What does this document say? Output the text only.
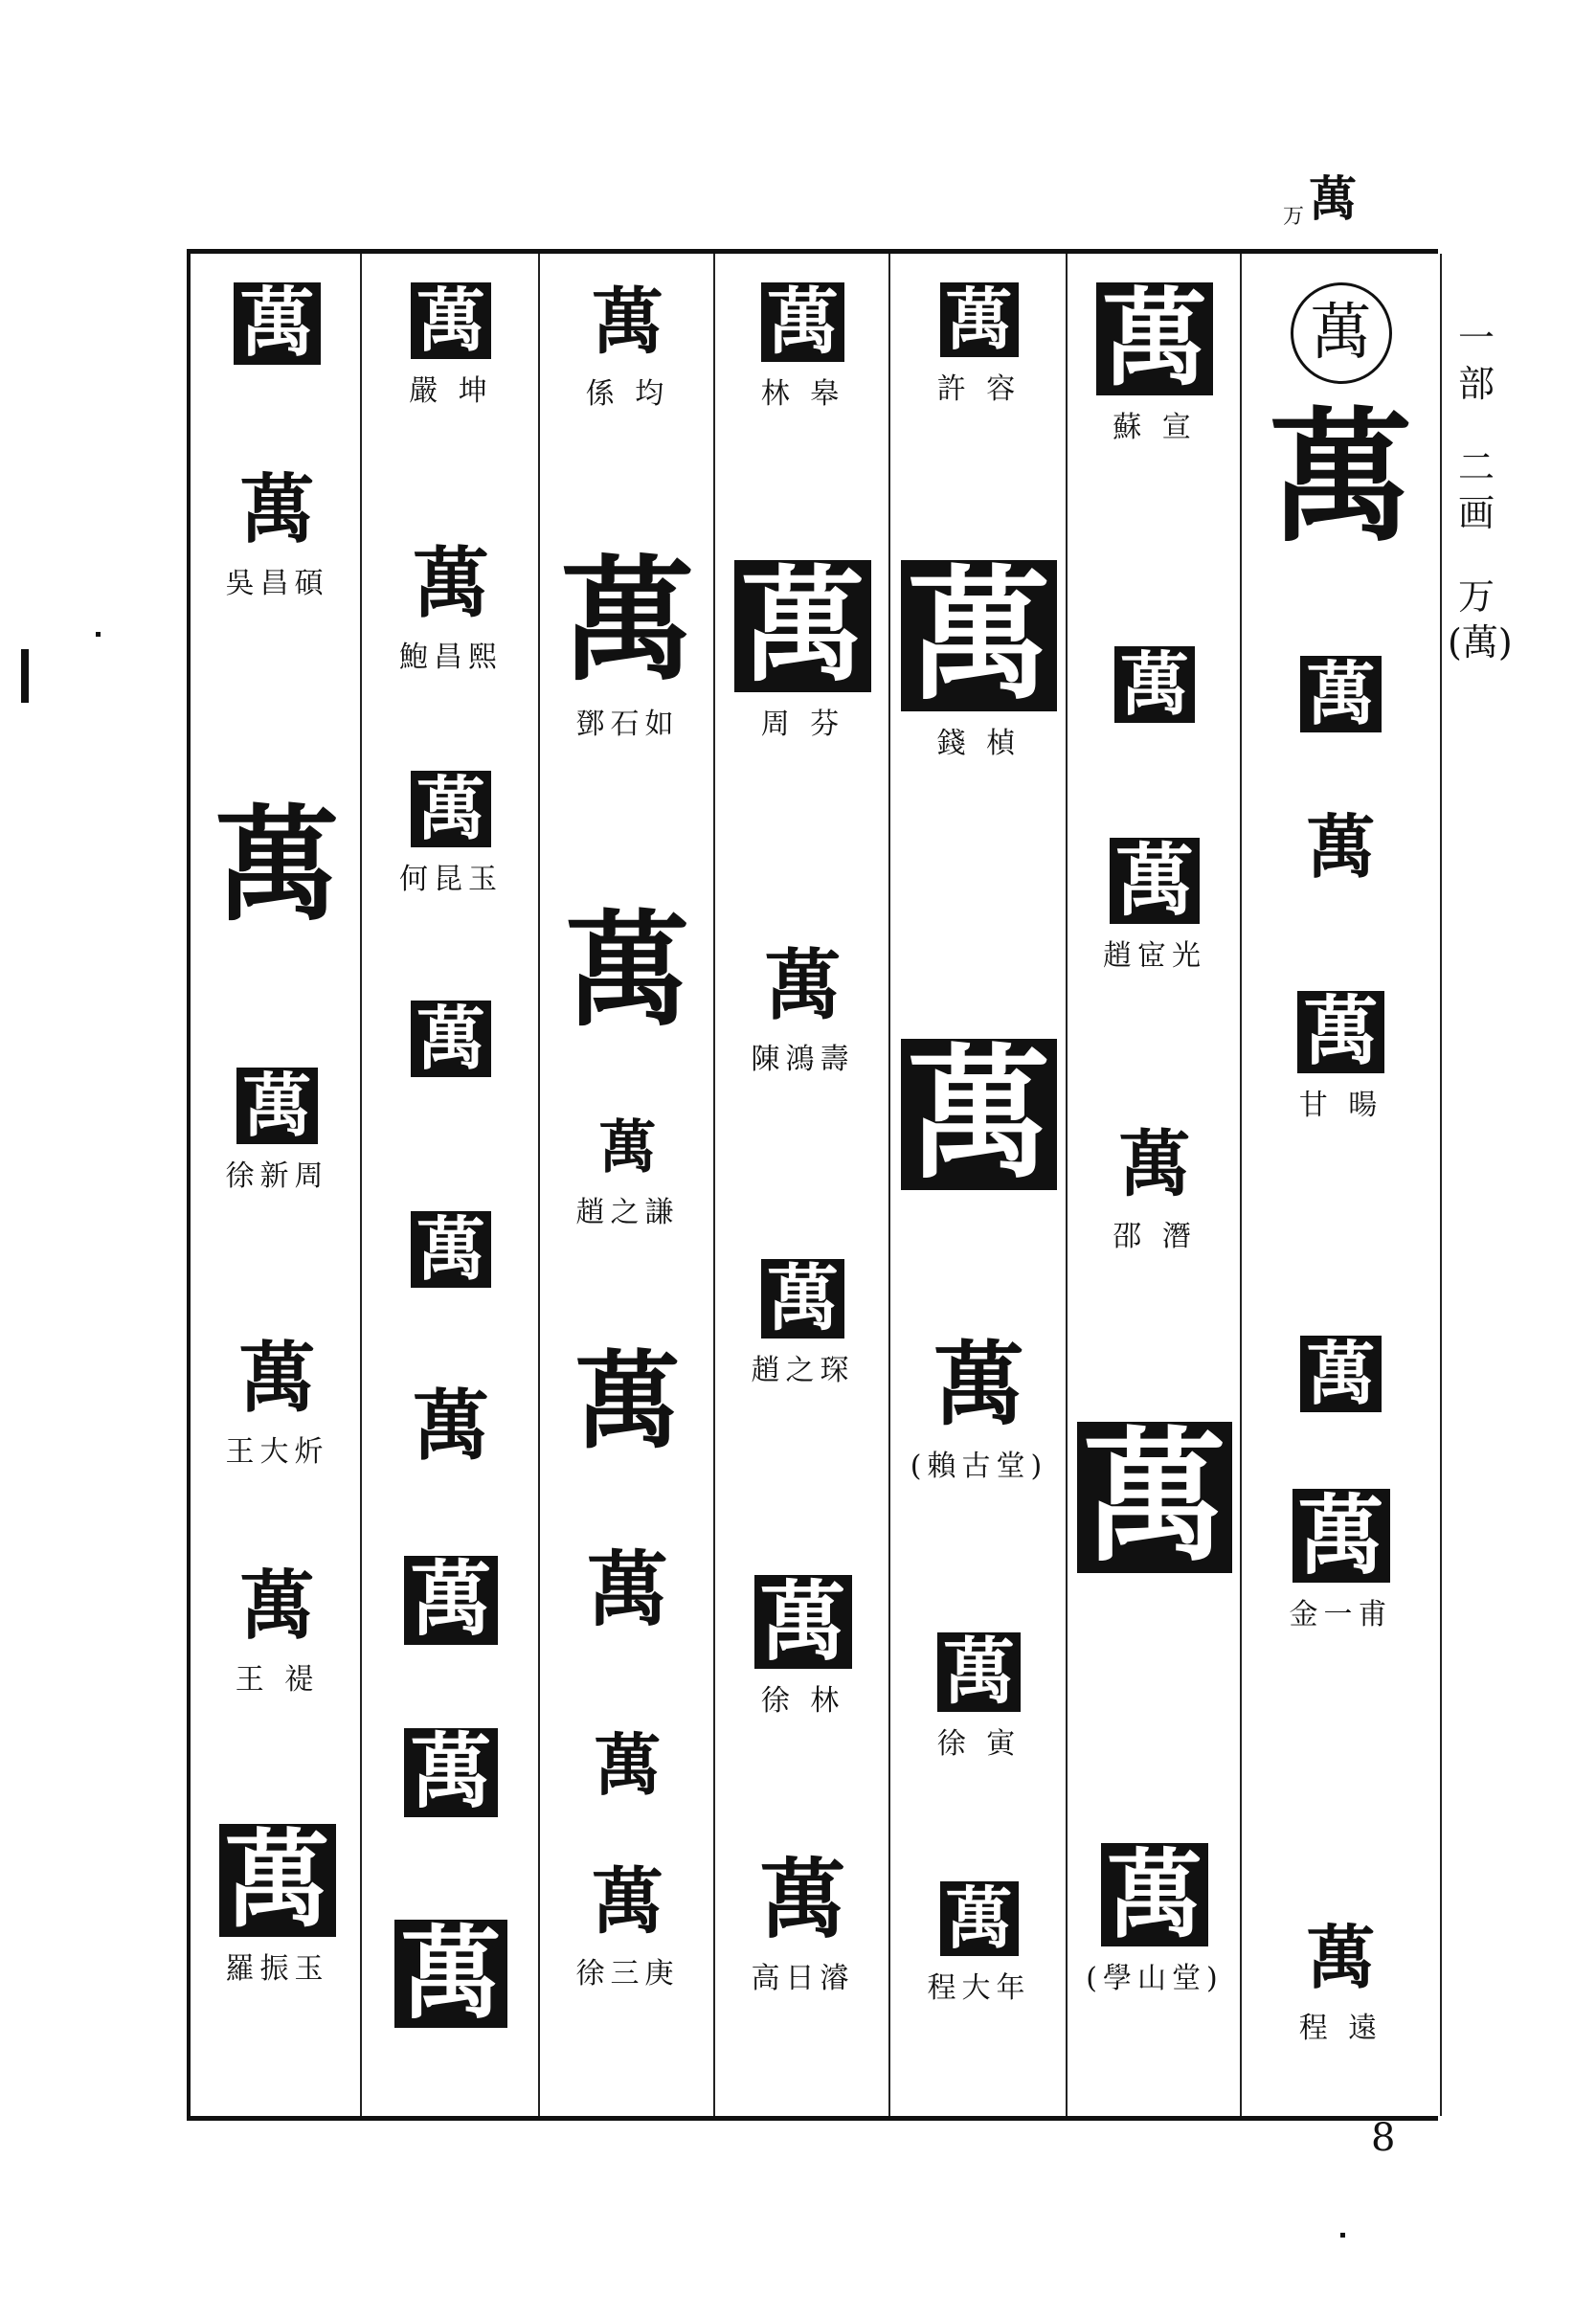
万 萬
萬
萬
吳昌碩
萬
萬
徐新周
萬
王大炘
萬
王 禔
萬
羅振玉
萬
嚴 坤
萬
鮑昌熙
萬
何昆玉
萬
萬
萬
萬
萬
萬
萬
係 均
萬
鄧石如
萬
萬
趙之謙
萬
萬
萬
萬
徐三庚
萬
林 皋
萬
周 芬
萬
陳鴻壽
萬
趙之琛
萬
徐 林
萬
高日濬
萬
許 容
萬
錢 楨
萬
萬
(賴古堂)
萬
徐 寅
萬
程大年
萬
蘇 宣
萬
萬
趙宧光
萬
邵 潛
萬
萬
(學山堂)
萬
萬
萬
萬
萬
甘 暘
萬
萬
金一甫
萬
程 遠
一部
二画
万
(萬)
8
